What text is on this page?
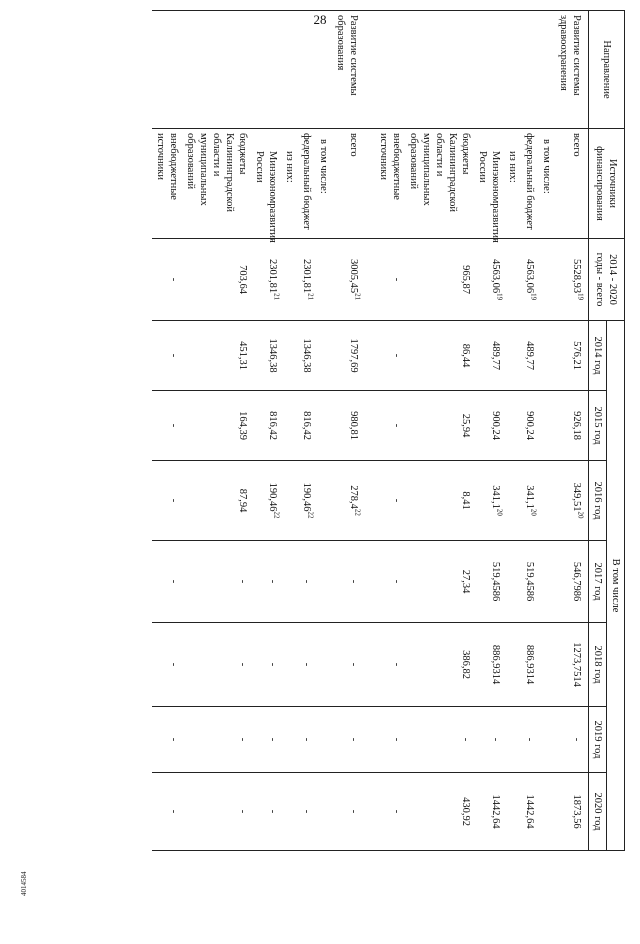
28
Направление	Источники финансирования	2014 - 2020 годы - всего	В том числе						
			2014 год	2015 год	2016 год	2017 год	2018 год	2019 год	2020 год
Развитие системы здравоохранения	всего	5528,93$^{19}$	576,21	926,18	349,51$^{20}$	546,7986	1273,7514	-	1873,56
	в том числе:								
	федеральный бюджет	4563,06$^{19}$	489,77	900,24	341,1$^{20}$	519,4586	886,9314	-	1442,64
	из них:								
	Минэкономразвития России	4563,06$^{19}$	489,77	900,24	341,1$^{20}$	519,4586	886,9314	-	1442,64
	бюджеты Калининградской области и муниципальных образований	965,87	86,44	25,94	8,41	27,34	386,82	-	430,92
	внебюджетные источники	-	-	-	-	-	-	-	-

Развитие системы образования	всего	3005,45$^{21}$	1797,69	980,81	278,4$^{22}$	-	-	-	-
	в том числе:								
	федеральный бюджет	2301,81$^{21}$	1346,38	816,42	190,46$^{22}$	-	-	-	-
	из них:								
	Минэкономразвития России	2301,81$^{21}$	1346,38	816,42	190,46$^{22}$	-	-	-	-
	бюджеты Калининградской области и муниципальных образований	703,64	451,31	164,39	87,94	-	-	-	-
	внебюджетные источники	-	-	-	-	-	-	-	-
4014584
